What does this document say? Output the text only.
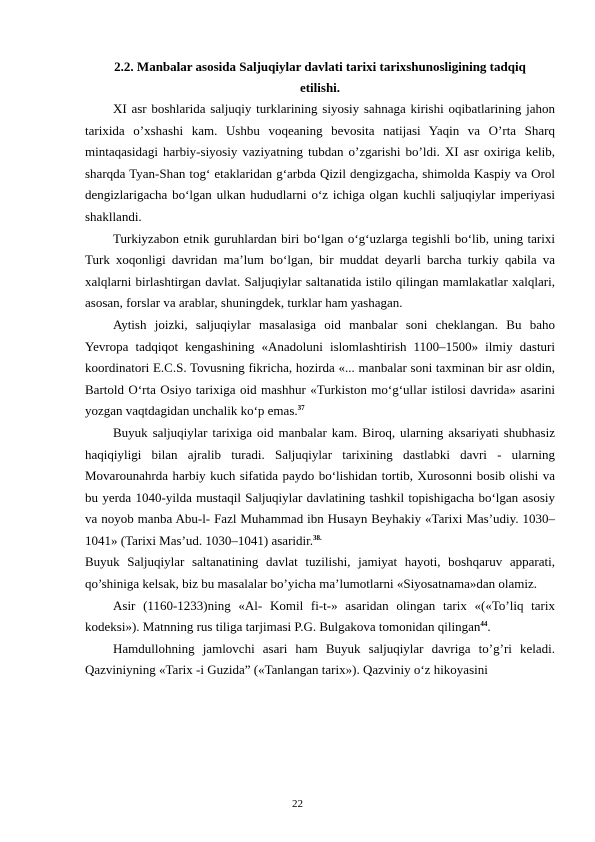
2.2. Manbalar asosida Saljuqiylar davlati tarixi tarixshunosligining tadqiq
etilishi.

XI asr boshlarida saljuqiy turklarining siyosiy sahnaga kirishi oqibatlarining jahon tarixida o’xshashi kam. Ushbu voqeaning bevosita natijasi Yaqin va O’rta Sharq mintaqasidagi harbiy-siyosiy vaziyatning tubdan o’zgarishi bo’ldi. XI asr oxiriga kelib, sharqda Tyan-Shan tog‘ etaklaridan g‘arbda Qizil dengizgacha, shimolda Kaspiy va Orol dengizlarigacha bo‘lgan ulkan hududlarni o‘z ichiga olgan kuchli saljuqiylar imperiyasi shakllandi.

Turkiyzabon etnik guruhlardan biri bo‘lgan o‘g‘uzlarga tegishli bo‘lib, uning tarixi Turk xoqonligi davridan ma’lum bo‘lgan, bir muddat deyarli barcha turkiy qabila va xalqlarni birlashtirgan davlat. Saljuqiylar saltanatida istilo qilingan mamlakatlar xalqlari, asosan, forslar va arablar, shuningdek, turklar ham yashagan.

Aytish joizki, saljuqiylar masalasiga oid manbalar soni cheklangan. Bu baho Yevropa tadqiqot kengashining «Anadoluni islomlashtirish 1100–1500» ilmiy dasturi koordinatori E.C.S. Tovusning fikricha, hozirda «... manbalar soni taxminan bir asr oldin, Bartold O‘rta Osiyo tarixiga oid mashhur «Turkiston mo‘g‘ullar istilosi davrida» asarini yozgan vaqtdagidan unchalik ko‘p emas.$^{37}$

Buyuk saljuqiylar tarixiga oid manbalar kam. Biroq, ularning aksariyati shubhasiz haqiqiyligi bilan ajralib turadi. Saljuqiylar tarixining dastlabki davri - ularning Movarounahrda harbiy kuch sifatida paydo bo‘lishidan tortib, Xurosonni bosib olishi va bu yerda 1040-yilda mustaqil Saljuqiylar davlatining tashkil topishigacha bo‘lgan asosiy va noyob manba Abu-l- Fazl Muhammad ibn Husayn Beyhakiy «Tarixi Mas’udiy. 1030–1041» (Tarixi Mas’ud. 1030–1041) asaridir.$^{38.}$

Buyuk Saljuqiylar saltanatining davlat tuzilishi, jamiyat hayoti, boshqaruv apparati, qo’shiniga kelsak, biz bu masalalar bo’yicha ma’lumotlarni «Siyosatnama»dan olamiz.

Asir (1160-1233)ning «Al- Komil fi-t-» asaridan olingan tarix «(«To’liq tarix kodeksi»). Matnning rus tiliga tarjimasi P.G. Bulgakova tomonidan qilingan$^{44}$.

Hamdullohning jamlovchi asari ham Buyuk saljuqiylar davriga to’g’ri keladi. Qazviniyning «Tarix -i Guzida” («Tanlangan tarix»). Qazviniy o‘z hikoyasini

22
